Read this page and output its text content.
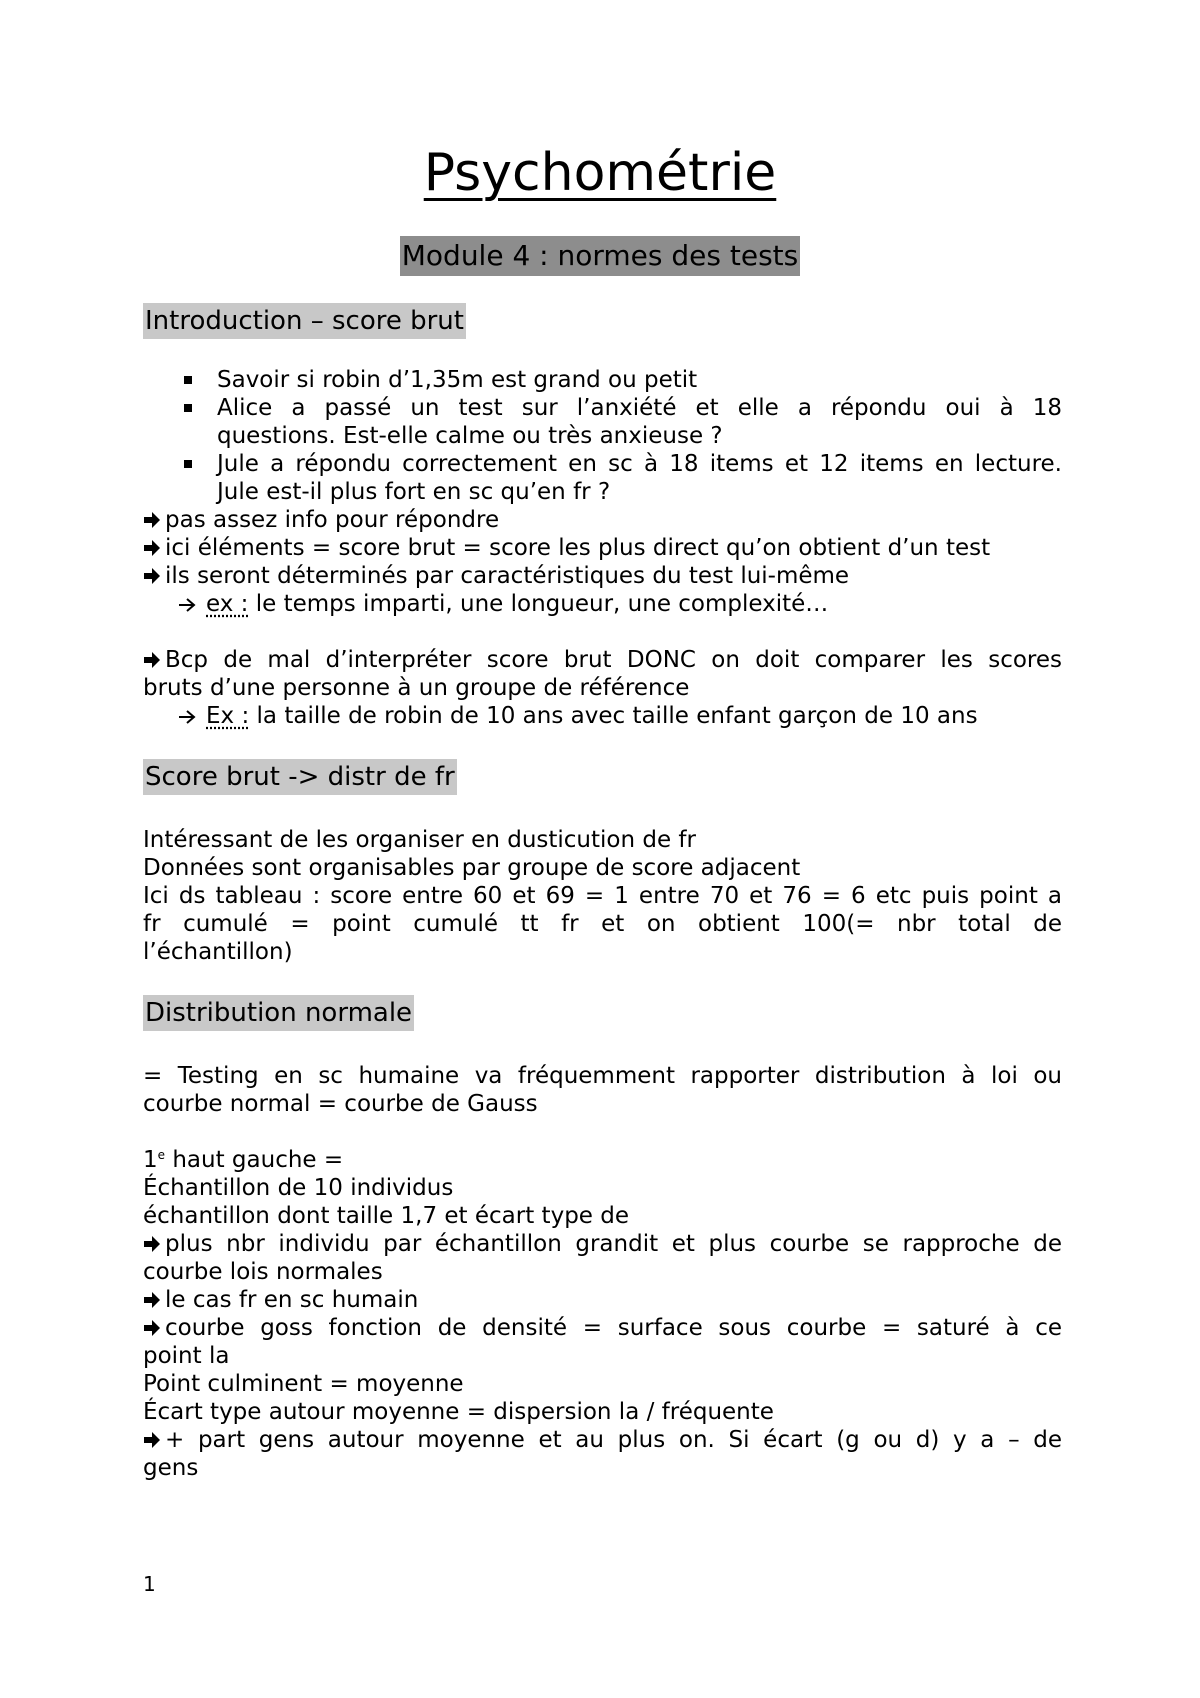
Psychométrie
Module 4 : normes des tests
Introduction – score brut
Savoir si robin d’1,35m est grand ou petit
Alice a passé un test sur l’anxiété et elle a répondu oui à 18
questions. Est-elle calme ou très anxieuse ?
Jule a répondu correctement en sc à 18 items et 12 items en lecture.
Jule est-il plus fort en sc qu’en fr ?
pas assez info pour répondre
ici éléments = score brut = score les plus direct qu’on obtient d’un test
ils seront déterminés par caractéristiques du test lui-même
ex : le temps imparti, une longueur, une complexité…
Bcp de mal d’interpréter score brut DONC on doit comparer les scores
bruts d’une personne à un groupe de référence
Ex : la taille de robin de 10 ans avec taille enfant garçon de 10 ans
Score brut -> distr de fr
Intéressant de les organiser en dusticution de fr
Données sont organisables par groupe de score adjacent
Ici ds tableau : score entre 60 et 69 = 1 entre 70 et 76 = 6 etc puis point a
fr cumulé = point cumulé tt fr et on obtient 100(= nbr total de
l’échantillon)
Distribution normale
= Testing en sc humaine va fréquemment rapporter distribution à loi ou
courbe normal = courbe de Gauss
1e haut gauche =
Échantillon de 10 individus
échantillon dont taille 1,7 et écart type de
plus nbr individu par échantillon grandit et plus courbe se rapproche de
courbe lois normales
le cas fr en sc humain
courbe goss fonction de densité = surface sous courbe = saturé à ce
point la
Point culminent = moyenne
Écart type autour moyenne = dispersion la / fréquente
+ part gens autour moyenne et au plus on. Si écart (g ou d) y a – de
gens
1
